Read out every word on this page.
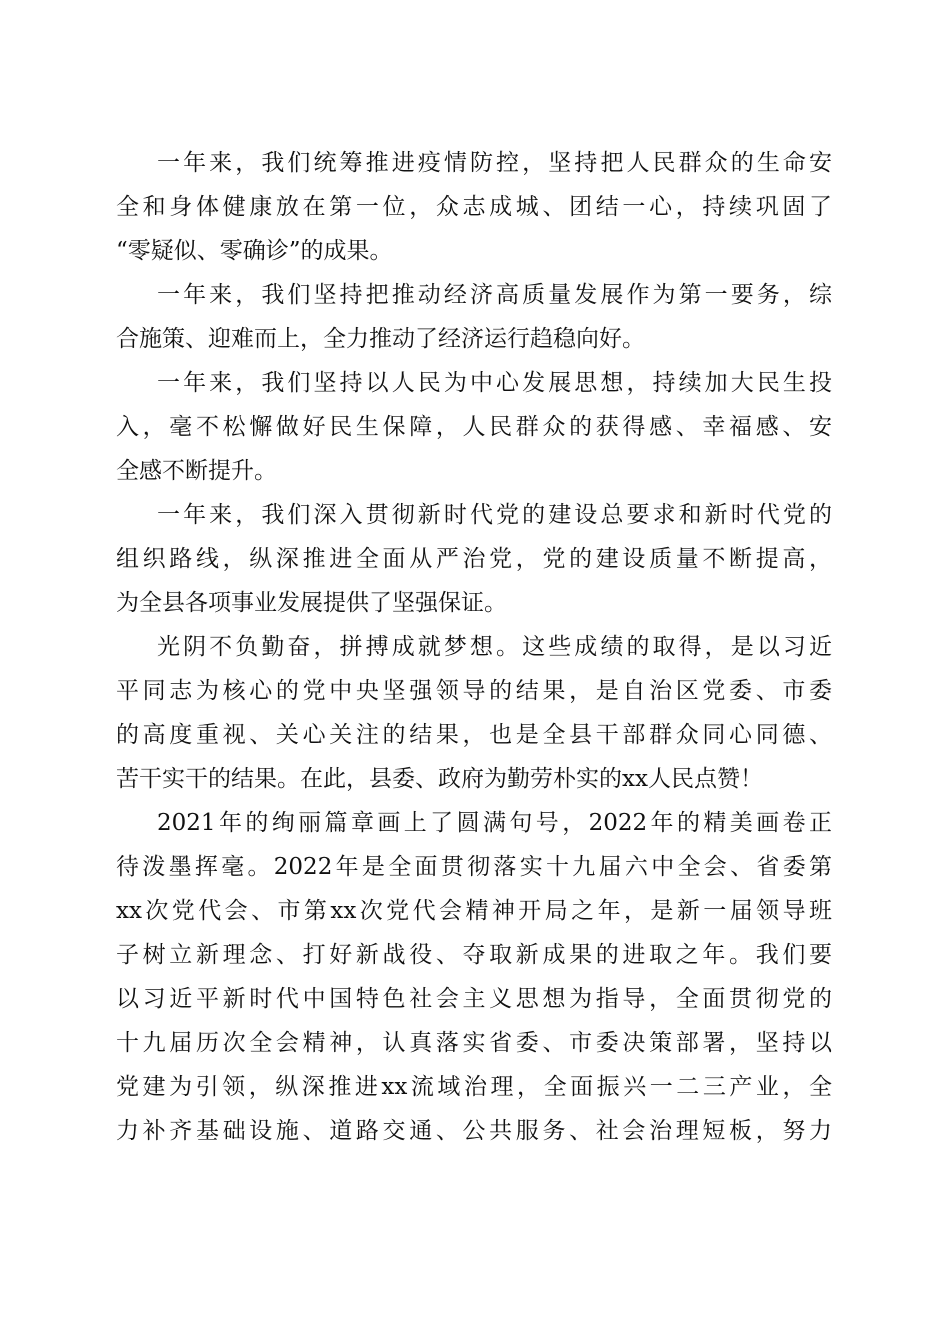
一年来，我们统筹推进疫情防控，坚持把人民群众的生命安
全和身体健康放在第一位，众志成城、团结一心，持续巩固了
“零疑似、零确诊”的成果。

一年来，我们坚持把推动经济高质量发展作为第一要务，综
合施策、迎难而上，全力推动了经济运行趋稳向好。

一年来，我们坚持以人民为中心发展思想，持续加大民生投
入，毫不松懈做好民生保障，人民群众的获得感、幸福感、安
全感不断提升。

一年来，我们深入贯彻新时代党的建设总要求和新时代党的
组织路线，纵深推进全面从严治党，党的建设质量不断提高，
为全县各项事业发展提供了坚强保证。

光阴不负勤奋，拼搏成就梦想。这些成绩的取得，是以习近
平同志为核心的党中央坚强领导的结果，是自治区党委、市委
的高度重视、关心关注的结果，也是全县干部群众同心同德、
苦干实干的结果。在此，县委、政府为勤劳朴实的xx人民点赞！

2021年的绚丽篇章画上了圆满句号，2022年的精美画卷正
待泼墨挥毫。2022年是全面贯彻落实十九届六中全会、省委第
xx次党代会、市第xx次党代会精神开局之年，是新一届领导班
子树立新理念、打好新战役、夺取新成果的进取之年。我们要
以习近平新时代中国特色社会主义思想为指导，全面贯彻党的
十九届历次全会精神，认真落实省委、市委决策部署，坚持以
党建为引领，纵深推进xx流域治理，全面振兴一二三产业，全
力补齐基础设施、道路交通、公共服务、社会治理短板，努力
